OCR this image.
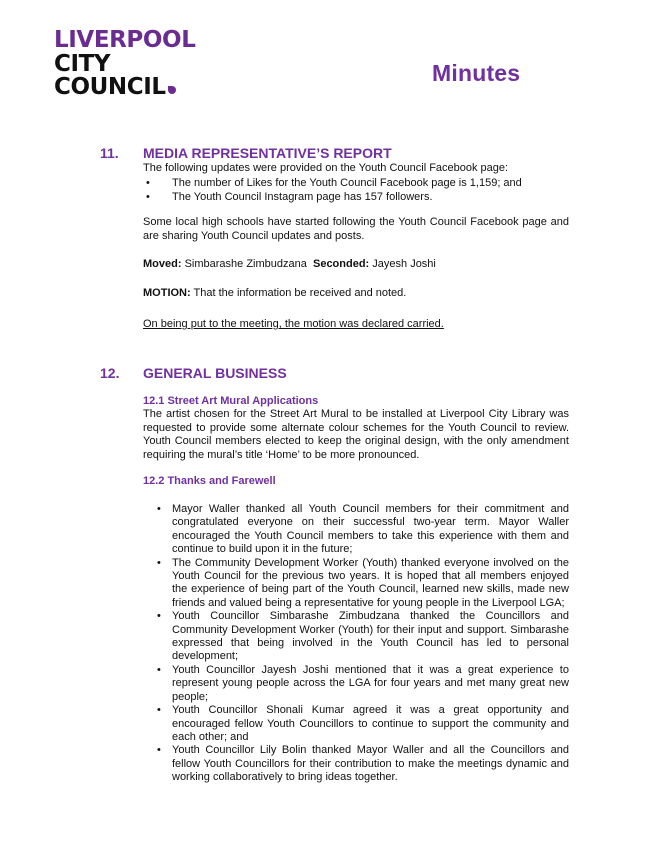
LIVERPOOL
CITY
COUNCIL
Minutes
11. MEDIA REPRESENTATIVE’S REPORT
The following updates were provided on the Youth Council Facebook page:
• The number of Likes for the Youth Council Facebook page is 1,159; and
• The Youth Council Instagram page has 157 followers.
Some local high schools have started following the Youth Council Facebook page and are sharing Youth Council updates and posts.
Moved: Simbarashe Zimbudzana Seconded: Jayesh Joshi
MOTION: That the information be received and noted.
On being put to the meeting, the motion was declared carried.
12. GENERAL BUSINESS
12.1 Street Art Mural Applications
The artist chosen for the Street Art Mural to be installed at Liverpool City Library was requested to provide some alternate colour schemes for the Youth Council to review. Youth Council members elected to keep the original design, with the only amendment requiring the mural’s title ‘Home’ to be more pronounced.
12.2 Thanks and Farewell
• Mayor Waller thanked all Youth Council members for their commitment and congratulated everyone on their successful two-year term. Mayor Waller encouraged the Youth Council members to take this experience with them and continue to build upon it in the future;
• The Community Development Worker (Youth) thanked everyone involved on the Youth Council for the previous two years. It is hoped that all members enjoyed the experience of being part of the Youth Council, learned new skills, made new friends and valued being a representative for young people in the Liverpool LGA;
• Youth Councillor Simbarashe Zimbudzana thanked the Councillors and Community Development Worker (Youth) for their input and support. Simbarashe expressed that being involved in the Youth Council has led to personal development;
• Youth Councillor Jayesh Joshi mentioned that it was a great experience to represent young people across the LGA for four years and met many great new people;
• Youth Councillor Shonali Kumar agreed it was a great opportunity and encouraged fellow Youth Councillors to continue to support the community and each other; and
• Youth Councillor Lily Bolin thanked Mayor Waller and all the Councillors and fellow Youth Councillors for their contribution to make the meetings dynamic and working collaboratively to bring ideas together.
